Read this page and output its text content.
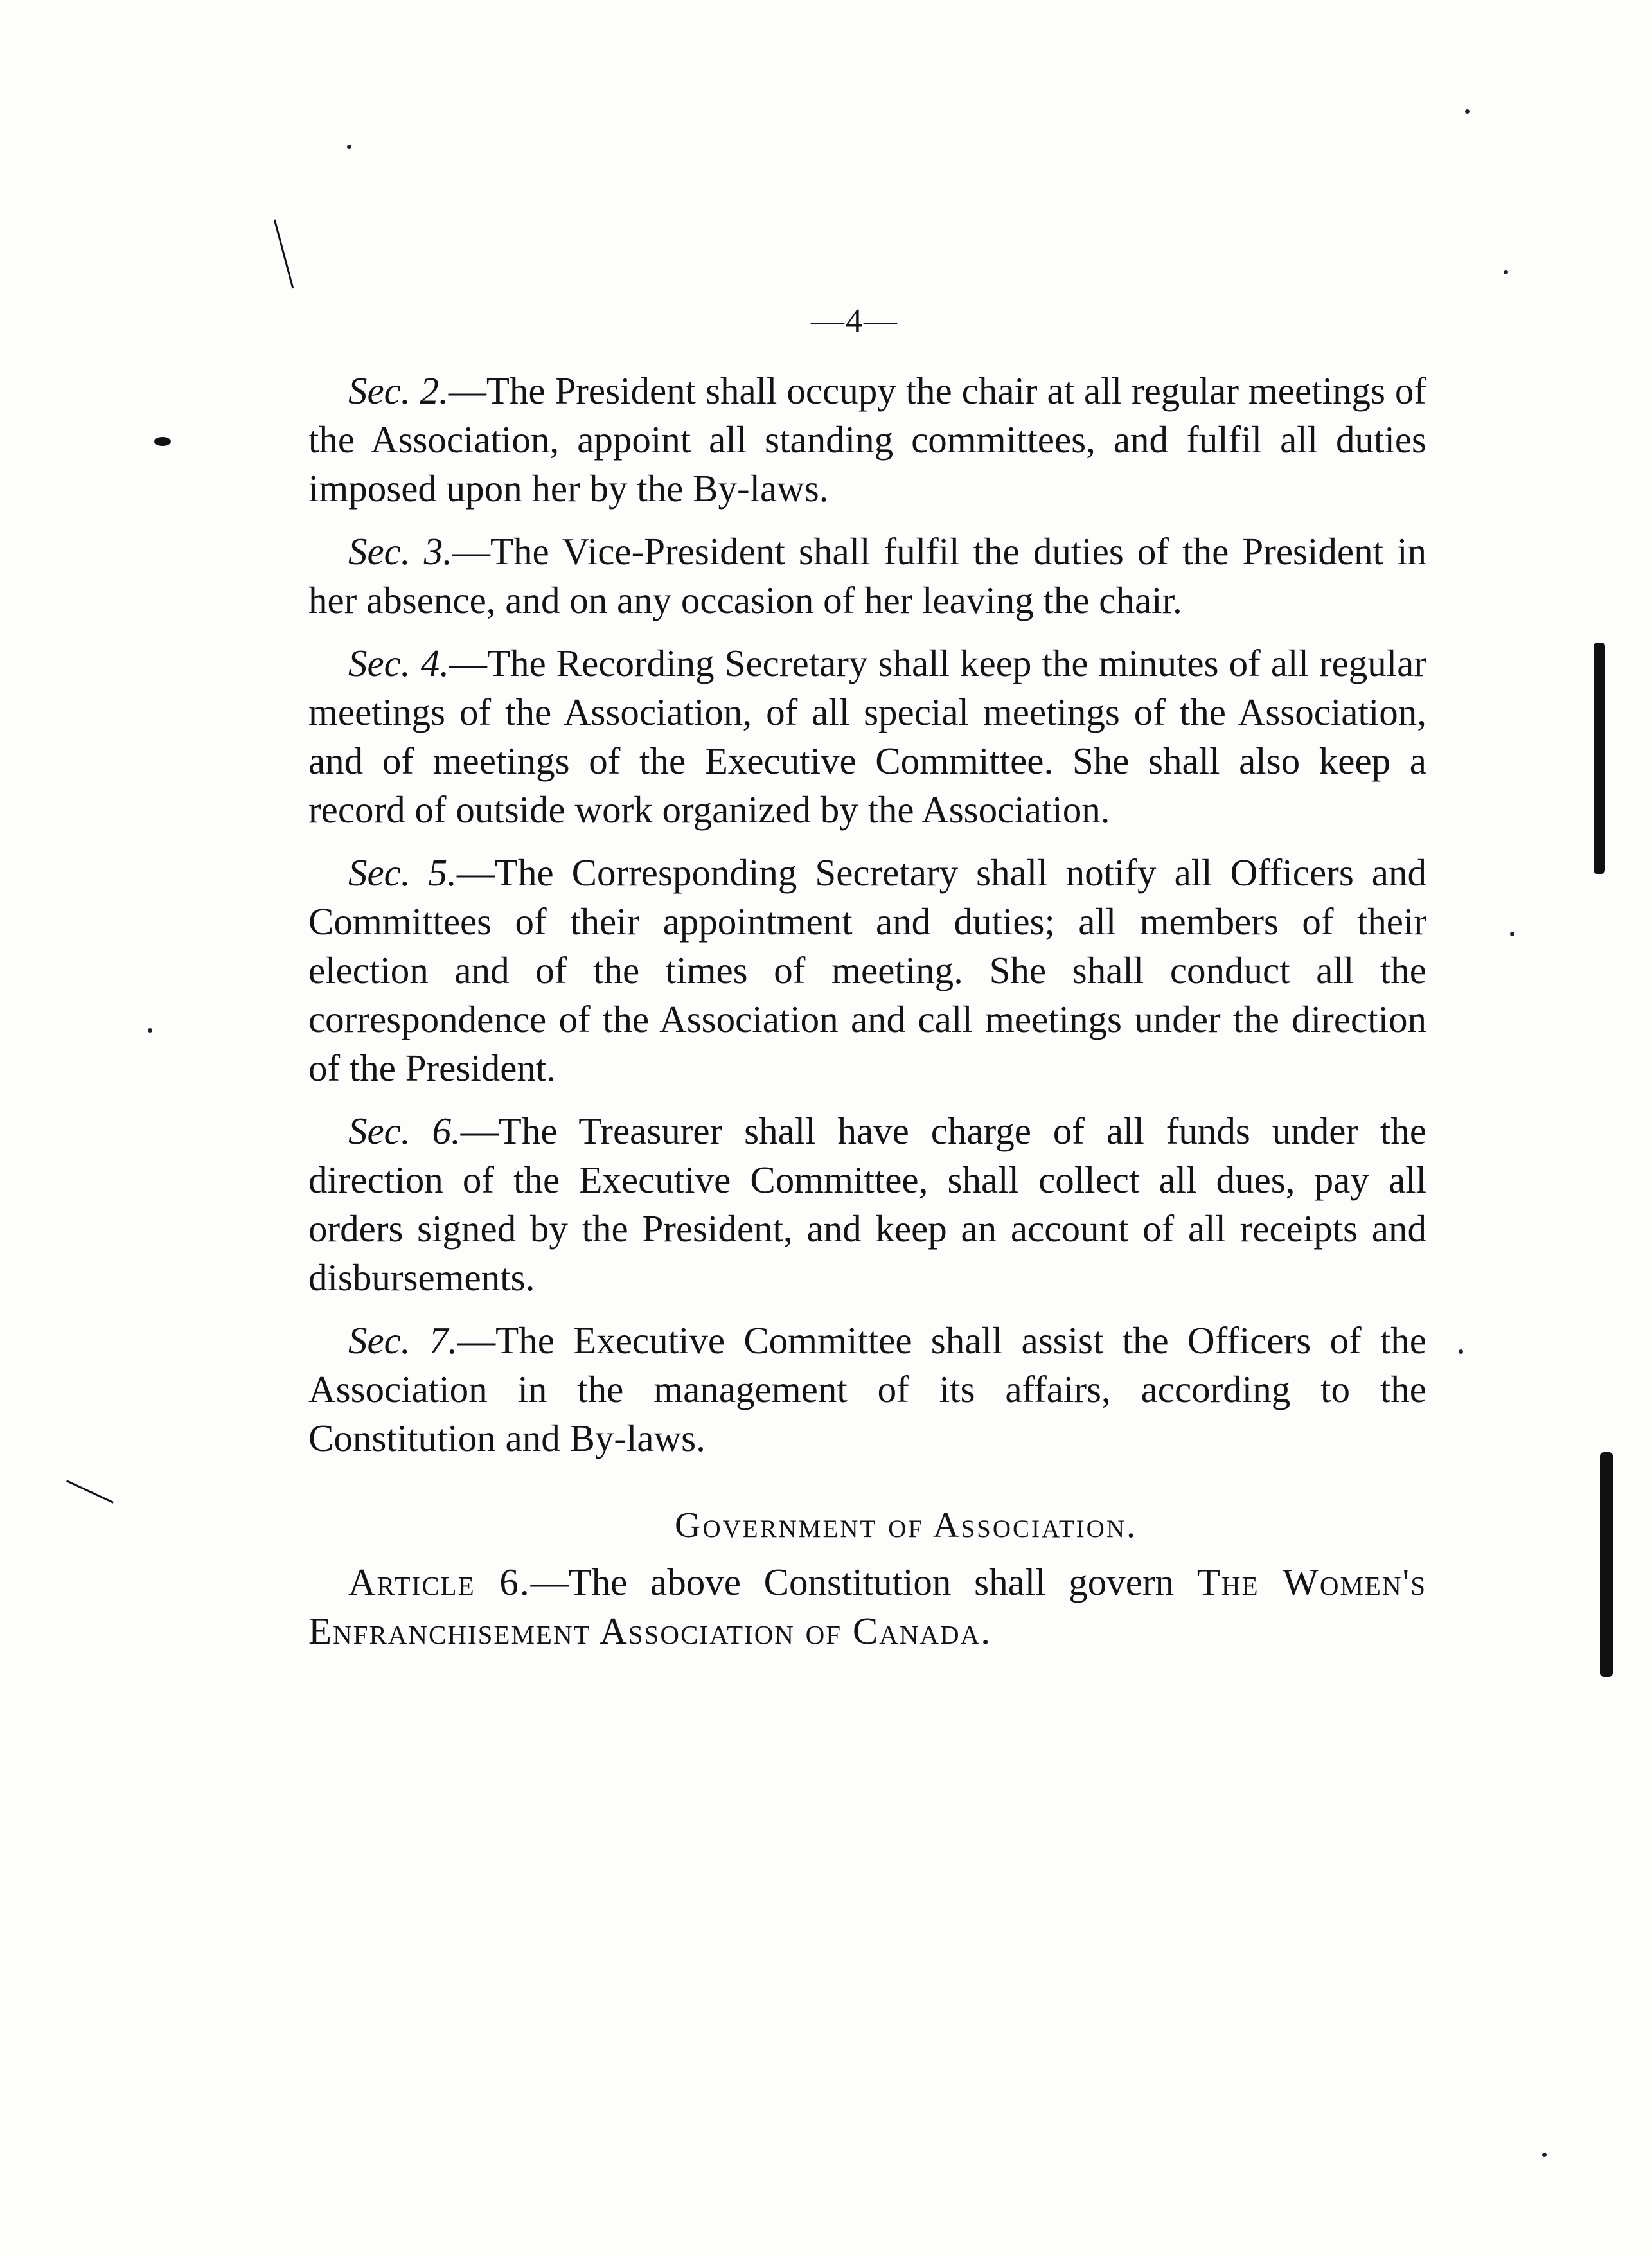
—4—

Sec. 2.—The President shall occupy the chair at all regular meetings of the Association, appoint all standing committees, and fulfil all duties imposed upon her by the By-laws.

Sec. 3.—The Vice-President shall fulfil the duties of the President in her absence, and on any occasion of her leaving the chair.

Sec. 4.—The Recording Secretary shall keep the minutes of all regular meetings of the Association, of all special meetings of the Association, and of meetings of the Executive Committee. She shall also keep a record of outside work organized by the Association.

Sec. 5.—The Corresponding Secretary shall notify all Officers and Committees of their appointment and duties; all members of their election and of the times of meeting. She shall conduct all the correspondence of the Association and call meetings under the direction of the President.

Sec. 6.—The Treasurer shall have charge of all funds under the direction of the Executive Committee, shall collect all dues, pay all orders signed by the President, and keep an account of all receipts and disbursements.

Sec. 7.—The Executive Committee shall assist the Officers of the Association in the management of its affairs, according to the Constitution and By-laws.

Government of Association.

Article 6.—The above Constitution shall govern The Women's Enfranchisement Association of Canada.
